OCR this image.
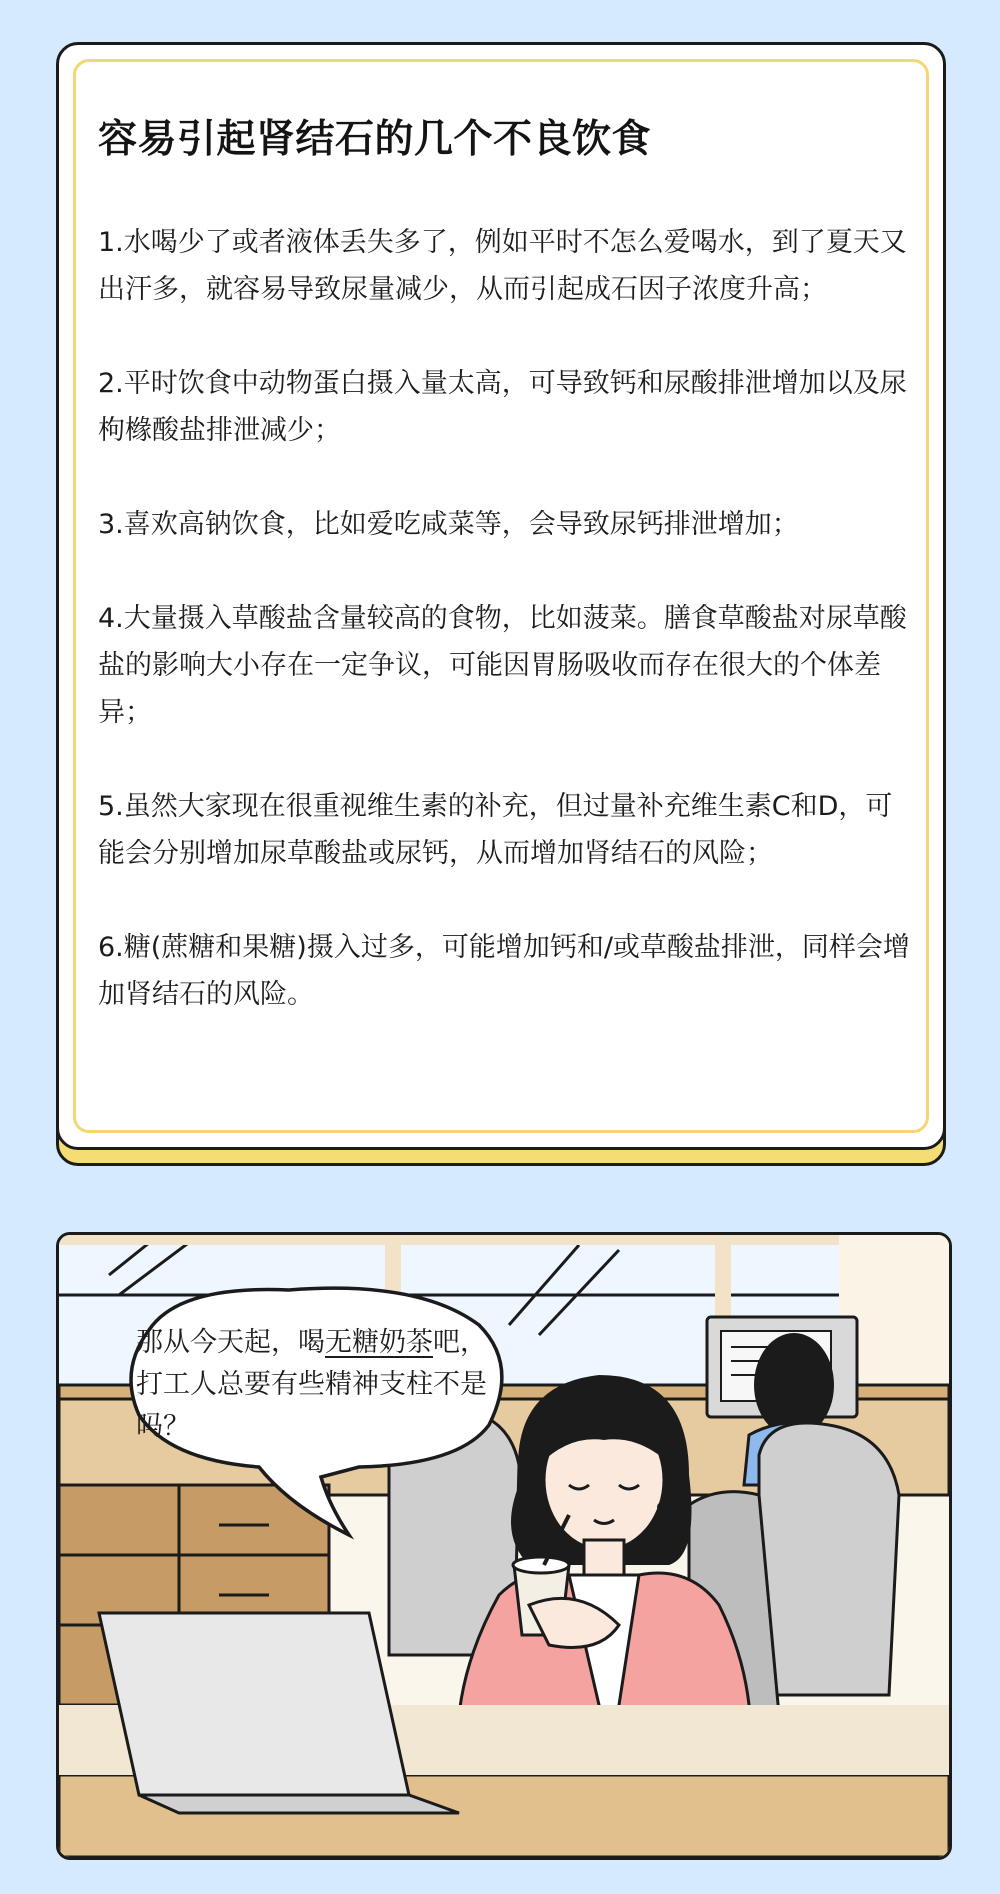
容易引起肾结石的几个不良饮食
1.水喝少了或者液体丢失多了，例如平时不怎么爱喝水，到了夏天又出汗多，就容易导致尿量减少，从而引起成石因子浓度升高；
2.平时饮食中动物蛋白摄入量太高，可导致钙和尿酸排泄增加以及尿枸橼酸盐排泄减少；
3.喜欢高钠饮食，比如爱吃咸菜等，会导致尿钙排泄增加；
4.大量摄入草酸盐含量较高的食物，比如菠菜。膳食草酸盐对尿草酸盐的影响大小存在一定争议，可能因胃肠吸收而存在很大的个体差异；
5.虽然大家现在很重视维生素的补充，但过量补充维生素C和D，可能会分别增加尿草酸盐或尿钙，从而增加肾结石的风险；
6.糖(蔗糖和果糖)摄入过多，可能增加钙和/或草酸盐排泄，同样会增加肾结石的风险。

那从今天起，喝无糖奶茶吧，打工人总要有些精神支柱不是吗？
